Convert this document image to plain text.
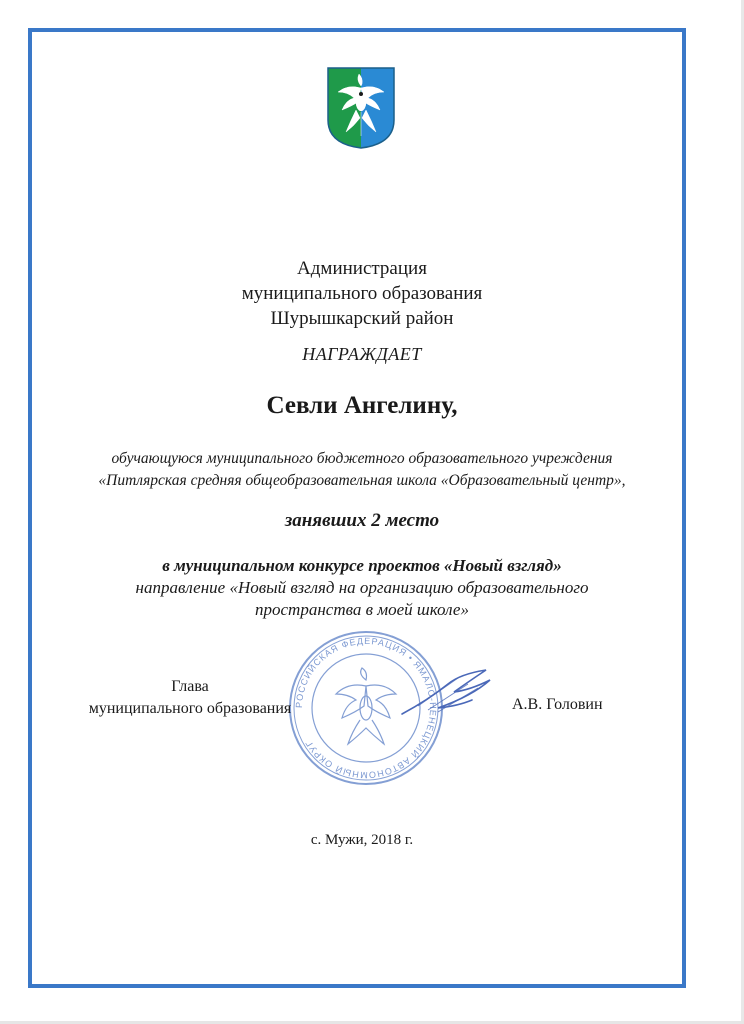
Администрация
муниципального образования
Шурышкарский район
НАГРАЖДАЕТ
Севли Ангелину,
обучающуюся муниципального бюджетного образовательного учреждения
«Питлярская средняя общеобразовательная школа «Образовательный центр»,
занявших 2 место
в муниципальном конкурсе проектов «Новый взгляд»
направление «Новый взгляд на организацию образовательного
пространства в моей школе»
РОССИЙСКАЯ ФЕДЕРАЦИЯ • ЯМАЛО-НЕНЕЦКИЙ АВТОНОМНЫЙ ОКРУГ
Глава
муниципального образования	А.В. Головин
с. Мужи, 2018 г.
